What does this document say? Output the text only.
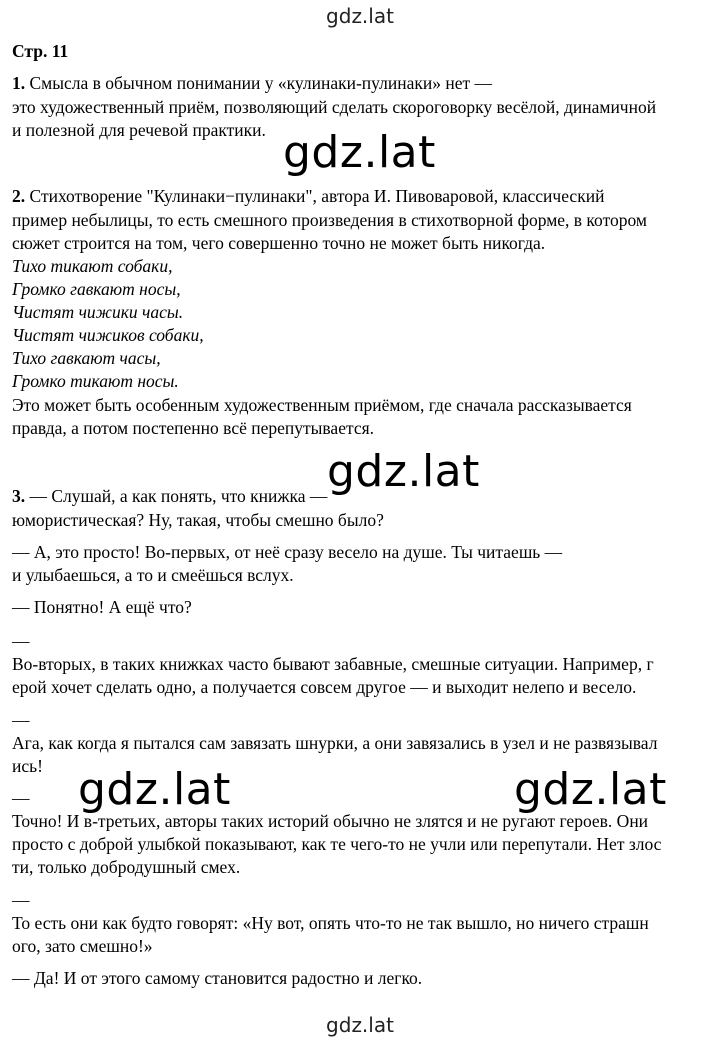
gdz.lat
Стр. 11
1. Смысла в обычном понимании у «кулинаки-пулинаки» нет —
это художественный приём, позволяющий сделать скороговорку весёлой, динамичной
и полезной для речевой практики.
2. Стихотворение "Кулинаки−пулинаки", автора И. Пивоваровой, классический
пример небылицы, то есть смешного произведения в стихотворной форме, в котором
сюжет строится на том, чего совершенно точно не может быть никогда.
Тихо тикают собаки,
Громко гавкают носы,
Чистят чижики часы.
Чистят чижиков собаки,
Тихо гавкают часы,
Громко тикают носы.
Это может быть особенным художественным приёмом, где сначала рассказывается
правда, а потом постепенно всё перепутывается.
3. — Слушай, а как понять, что книжка —
юмористическая? Ну, такая, чтобы смешно было?
— А, это просто! Во-первых, от неё сразу весело на душе. Ты читаешь —
и улыбаешься, а то и смеёшься вслух.
— Понятно! А ещё что?
—
Во-вторых, в таких книжках часто бывают забавные, смешные ситуации. Например, г
ерой хочет сделать одно, а получается совсем другое — и выходит нелепо и весело.
—
Ага, как когда я пытался сам завязать шнурки, а они завязались в узел и не развязывал
ись!
—
Точно! И в-третьих, авторы таких историй обычно не злятся и не ругают героев. Они
просто с доброй улыбкой показывают, как те чего-то не учли или перепутали. Нет злос
ти, только добродушный смех.
—
То есть они как будто говорят: «Ну вот, опять что-то не так вышло, но ничего страшн
ого, зато смешно!»
— Да! И от этого самому становится радостно и легко.
gdz.lat
gdz.lat
gdz.lat	gdz.lat
gdz.lat
